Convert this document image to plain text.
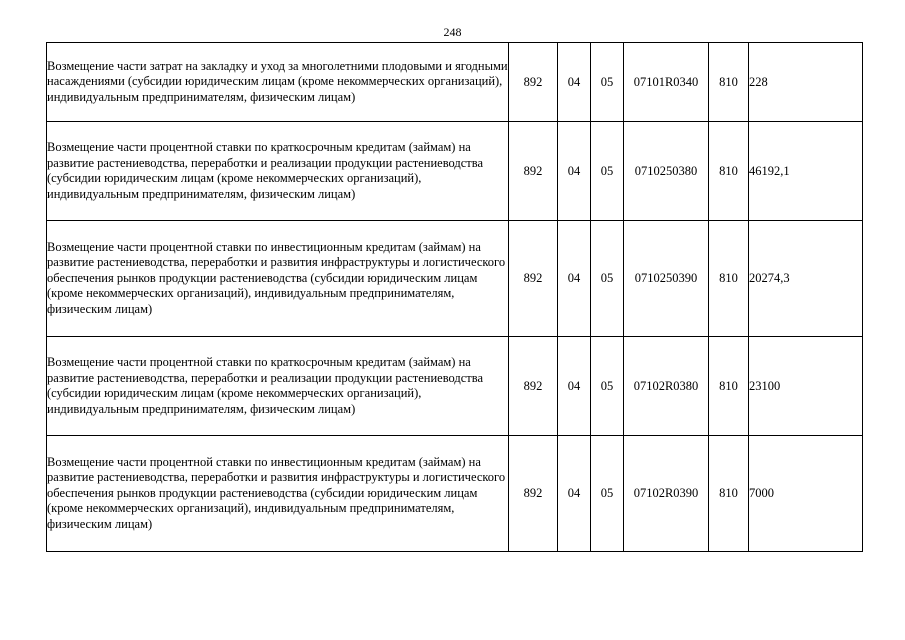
248
Возмещение части затрат на закладку и уход за многолетними плодовыми и ягодными насаждениями (субсидии юридическим лицам (кроме некоммерческих организаций), индивидуальным предпринимателям, физическим лицам)	892	04	05	07101R0340	810	228
Возмещение части процентной ставки по краткосрочным кредитам (займам) на развитие растениеводства, переработки и реализации продукции растениеводства (субсидии юридическим лицам (кроме некоммерческих организаций), индивидуальным предпринимателям, физическим лицам)	892	04	05	0710250380	810	46192,1
Возмещение части процентной ставки по инвестиционным кредитам (займам) на развитие растениеводства, переработки и развития инфраструктуры и логистического обеспечения рынков продукции растениеводства (субсидии юридическим лицам (кроме некоммерческих организаций), индивидуальным предпринимателям, физическим лицам)	892	04	05	0710250390	810	20274,3
Возмещение части процентной ставки по краткосрочным кредитам (займам) на развитие растениеводства, переработки и реализации продукции растениеводства (субсидии юридическим лицам (кроме некоммерческих организаций), индивидуальным предпринимателям, физическим лицам)	892	04	05	07102R0380	810	23100
Возмещение части процентной ставки по инвестиционным кредитам (займам) на развитие растениеводства, переработки и развития инфраструктуры и логистического обеспечения рынков продукции растениеводства (субсидии юридическим лицам (кроме некоммерческих организаций), индивидуальным предпринимателям, физическим лицам)	892	04	05	07102R0390	810	7000
